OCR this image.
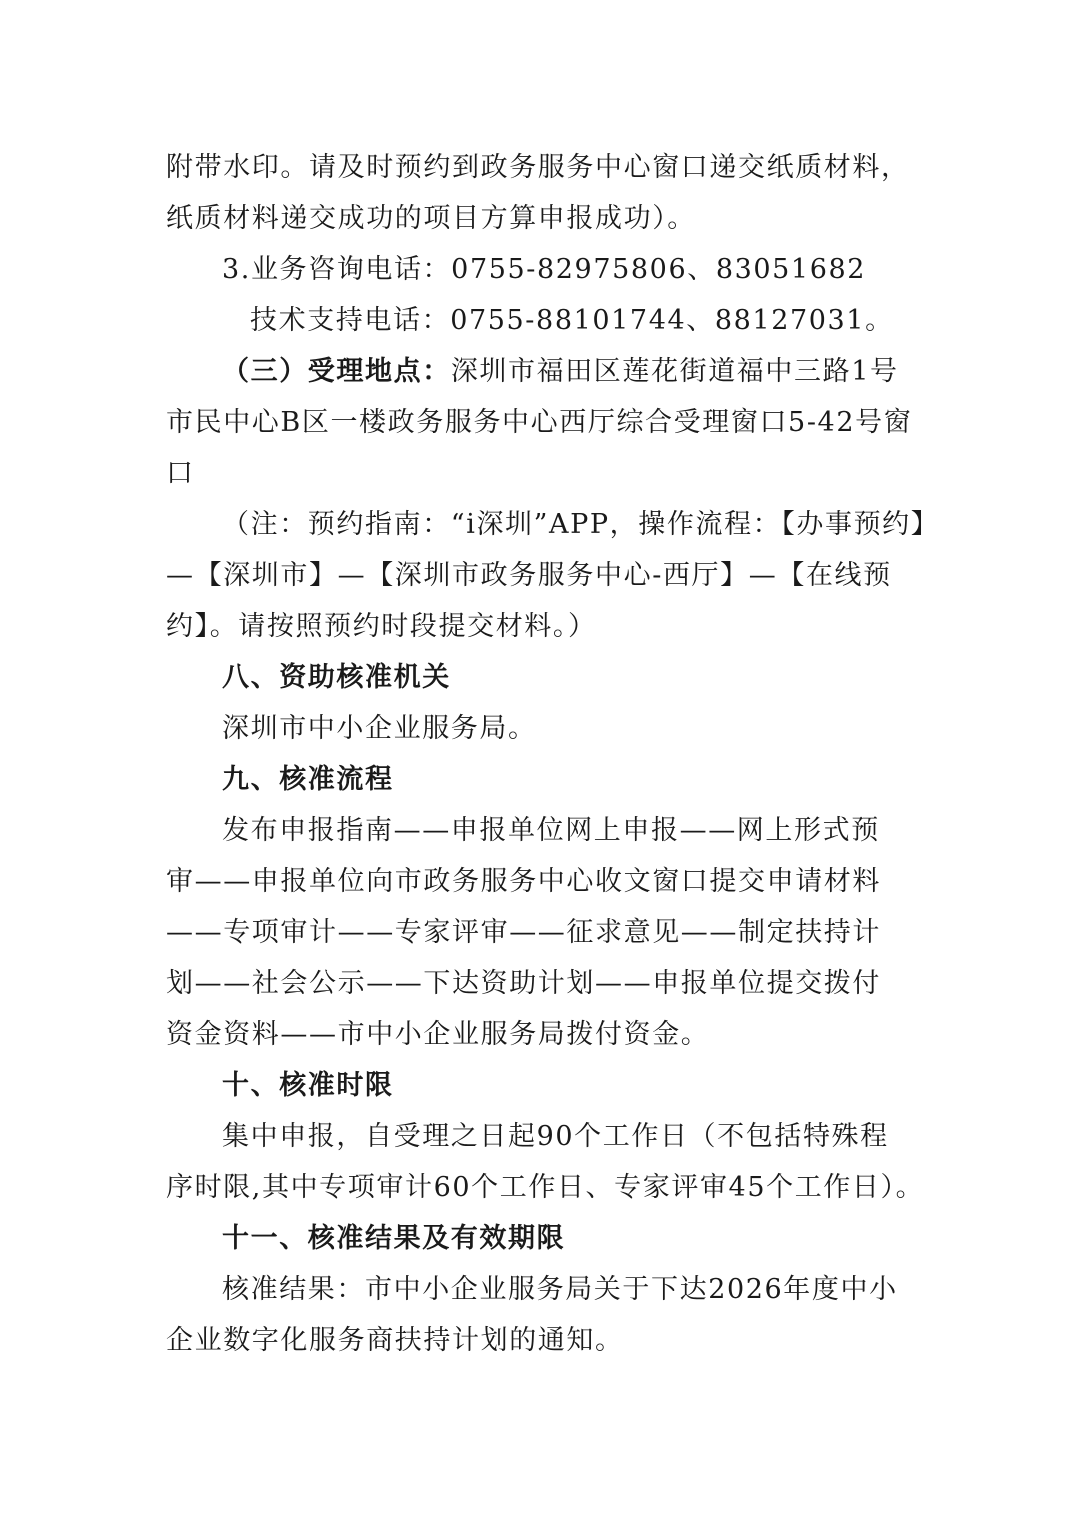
附带水印。请及时预约到政务服务中心窗口递交纸质材料，
纸质材料递交成功的项目方算申报成功）。
3.业务咨询电话：0755-82975806、83051682
技术支持电话：0755-88101744、88127031。
（三）受理地点：深圳市福田区莲花街道福中三路1号
市民中心B区一楼政务服务中心西厅综合受理窗口5-42号窗
口
（注：预约指南：“i深圳”APP，操作流程：【办事预约】
—【深圳市】—【深圳市政务服务中心-西厅】—【在线预
约】。请按照预约时段提交材料。）
八、资助核准机关
深圳市中小企业服务局。
九、核准流程
发布申报指南——申报单位网上申报——网上形式预
审——申报单位向市政务服务中心收文窗口提交申请材料
——专项审计——专家评审——征求意见——制定扶持计
划——社会公示——下达资助计划——申报单位提交拨付
资金资料——市中小企业服务局拨付资金。
十、核准时限
集中申报，自受理之日起90个工作日（不包括特殊程
序时限,其中专项审计60个工作日、专家评审45个工作日）。
十一、核准结果及有效期限
核准结果：市中小企业服务局关于下达2026年度中小
企业数字化服务商扶持计划的通知。
